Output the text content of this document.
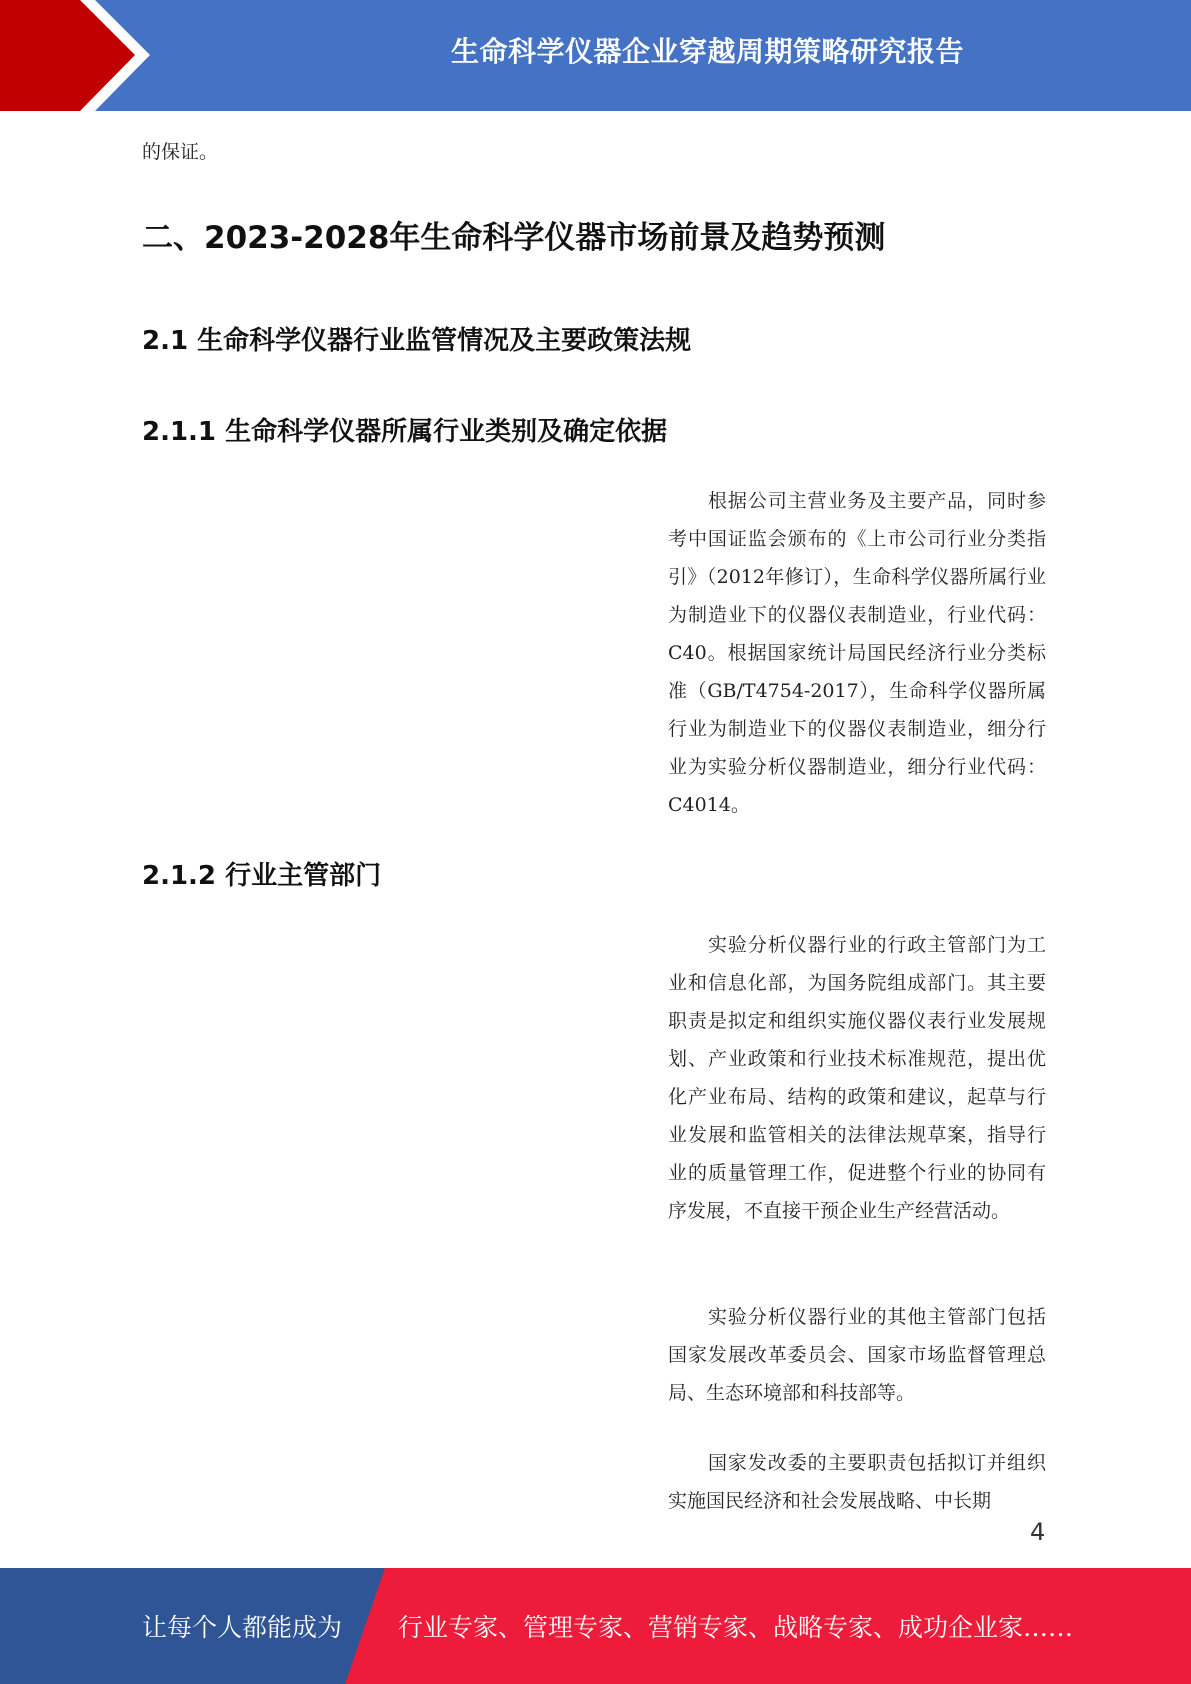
生命科学仪器企业穿越周期策略研究报告
的保证。
二、2023-2028年生命科学仪器市场前景及趋势预测
2.1 生命科学仪器行业监管情况及主要政策法规
2.1.1 生命科学仪器所属行业类别及确定依据

根据公司主营业务及主要产品，同时参考中国证监会颁布的《上市公司行业分类指引》（2012年修订），生命科学仪器所属行业为制造业下的仪器仪表制造业，行业代码：C40。根据国家统计局国民经济行业分类标准（GB/T4754-2017），生命科学仪器所属行业为制造业下的仪器仪表制造业，细分行业为实验分析仪器制造业，细分行业代码：C4014。

2.1.2 行业主管部门

实验分析仪器行业的行政主管部门为工业和信息化部，为国务院组成部门。其主要职责是拟定和组织实施仪器仪表行业发展规划、产业政策和行业技术标准规范，提出优化产业布局、结构的政策和建议，起草与行业发展和监管相关的法律法规草案，指导行业的质量管理工作，促进整个行业的协同有序发展，不直接干预企业生产经营活动。

实验分析仪器行业的其他主管部门包括国家发展改革委员会、国家市场监督管理总局、生态环境部和科技部等。

国家发改委的主要职责包括拟订并组织实施国民经济和社会发展战略、中长期

4
让每个人都能成为 行业专家、管理专家、营销专家、战略专家、成功企业家……
